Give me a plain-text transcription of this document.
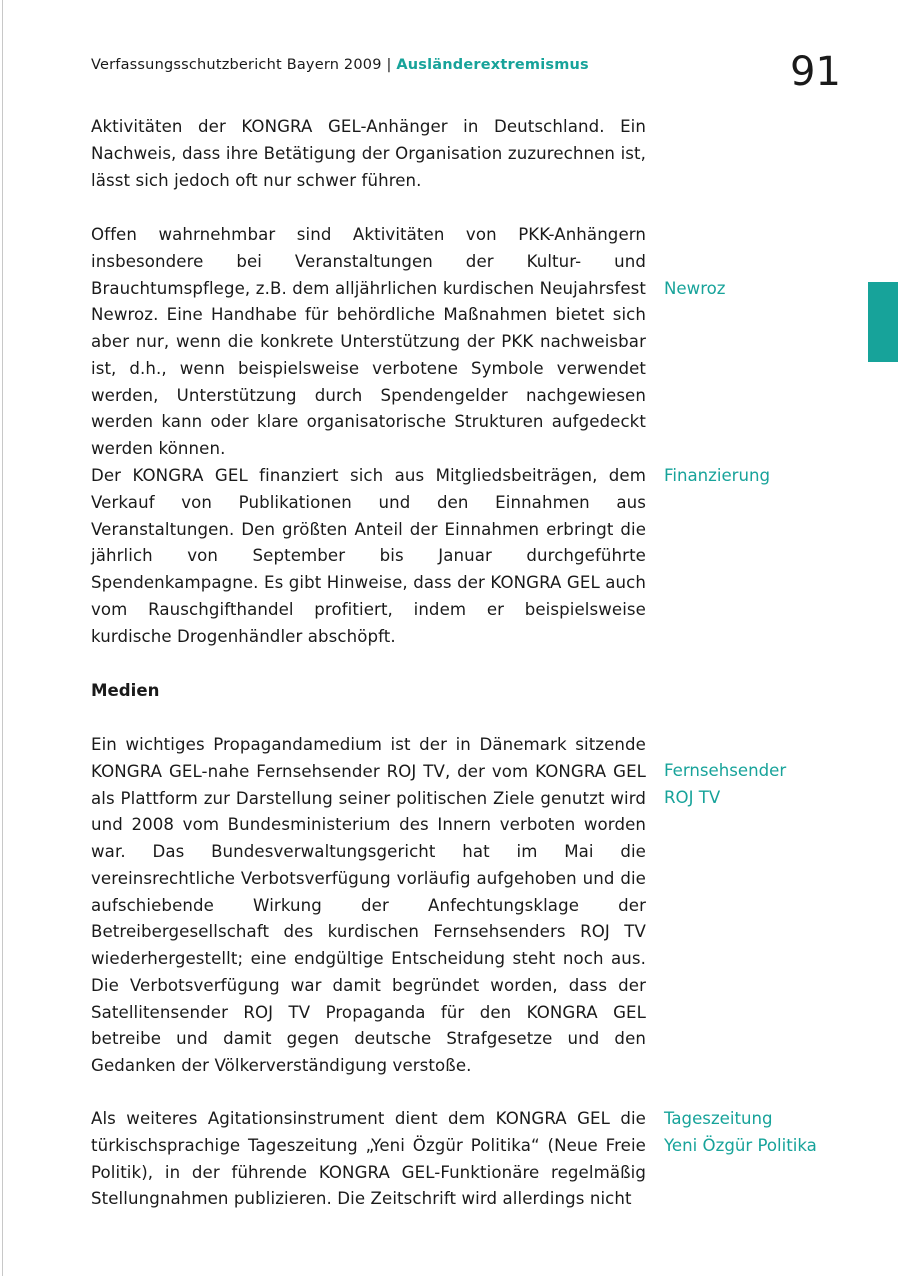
Verfassungsschutzbericht Bayern 2009 | Ausländerextremismus	91
Aktivitäten der KONGRA GEL-Anhänger in Deutschland. Ein Nachweis, dass ihre Betätigung der Organisation zuzurechnen ist, lässt sich jedoch oft nur schwer führen.
Offen wahrnehmbar sind Aktivitäten von PKK-Anhängern insbesondere bei Veranstaltungen der Kultur- und Brauchtumspflege, z.B. dem alljährlichen kurdischen Neujahrsfest Newroz. Eine Handhabe für behördliche Maßnahmen bietet sich aber nur, wenn die konkrete Unterstützung der PKK nachweisbar ist, d.h., wenn beispielsweise verbotene Symbole verwendet werden, Unterstützung durch Spendengelder nachgewiesen werden kann oder klare organisatorische Strukturen aufgedeckt werden können.
Der KONGRA GEL finanziert sich aus Mitgliedsbeiträgen, dem Verkauf von Publikationen und den Einnahmen aus Veranstaltungen. Den größten Anteil der Einnahmen erbringt die jährlich von September bis Januar durchgeführte Spendenkampagne. Es gibt Hinweise, dass der KONGRA GEL auch vom Rauschgifthandel profitiert, indem er beispielsweise kurdische Drogenhändler abschöpft.
Medien
Ein wichtiges Propagandamedium ist der in Dänemark sitzende KONGRA GEL-nahe Fernsehsender ROJ TV, der vom KONGRA GEL als Plattform zur Darstellung seiner politischen Ziele genutzt wird und 2008 vom Bundesministerium des Innern verboten worden war. Das Bundesverwaltungsgericht hat im Mai die vereinsrechtliche Verbotsverfügung vorläufig aufgehoben und die aufschiebende Wirkung der Anfechtungsklage der Betreibergesellschaft des kurdischen Fernsehsenders ROJ TV wiederhergestellt; eine endgültige Entscheidung steht noch aus. Die Verbotsverfügung war damit begründet worden, dass der Satellitensender ROJ TV Propaganda für den KONGRA GEL betreibe und damit gegen deutsche Strafgesetze und den Gedanken der Völkerverständigung verstoße.
Als weiteres Agitationsinstrument dient dem KONGRA GEL die türkischsprachige Tageszeitung „Yeni Özgür Politika“ (Neue Freie Politik), in der führende KONGRA GEL-Funktionäre regelmäßig Stellungnahmen publizieren. Die Zeitschrift wird allerdings nicht
Newroz
Finanzierung
Fernsehsender
ROJ TV
Tageszeitung
Yeni Özgür Politika
